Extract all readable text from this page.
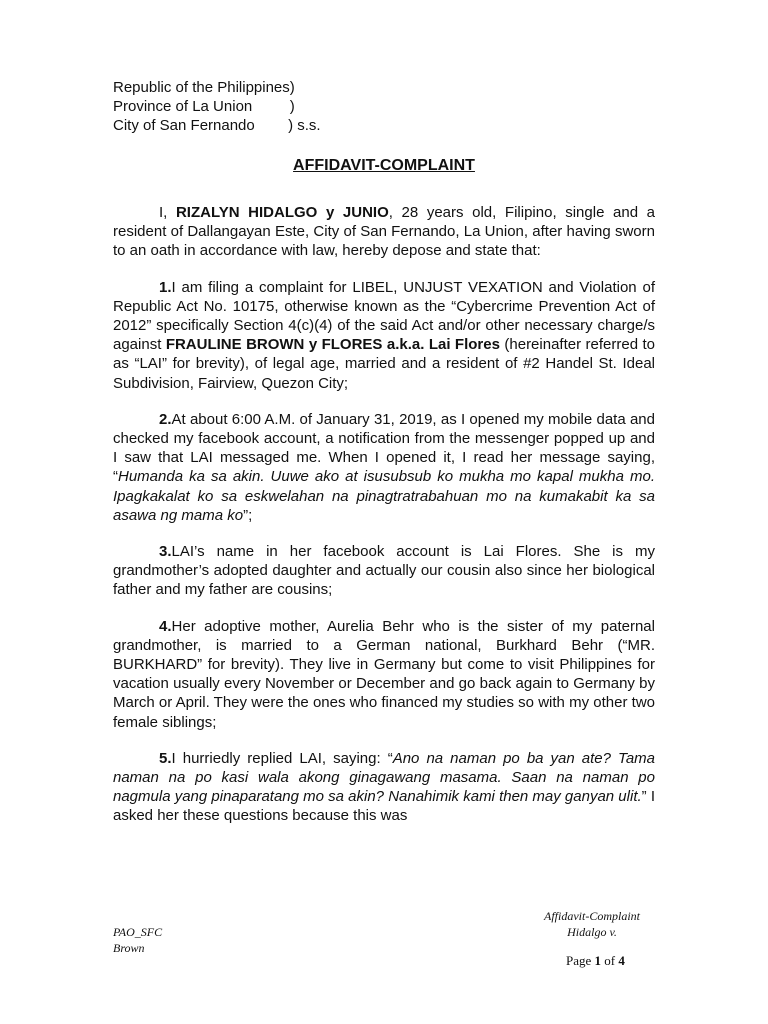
Republic of the Philippines)
Province of La Union         )
City of San Fernando        ) s.s.
AFFIDAVIT-COMPLAINT

I, RIZALYN HIDALGO y JUNIO, 28 years old, Filipino, single and a resident of Dallangayan Este, City of San Fernando, La Union, after having sworn to an oath in accordance with law, hereby depose and state that:

1.I am filing a complaint for LIBEL, UNJUST VEXATION and Violation of Republic Act No. 10175, otherwise known as the “Cybercrime Prevention Act of 2012” specifically Section 4(c)(4) of the said Act and/or other necessary charge/s against FRAULINE BROWN y FLORES a.k.a. Lai Flores (hereinafter referred to as “LAI” for brevity), of legal age, married and a resident of #2 Handel St. Ideal Subdivision, Fairview, Quezon City;

2.At about 6:00 A.M. of January 31, 2019, as I opened my mobile data and checked my facebook account, a notification from the messenger popped up and I saw that LAI messaged me. When I opened it, I read her message saying, “Humanda ka sa akin. Uuwe ako at isusubsub ko mukha mo kapal mukha mo. Ipagkakalat ko sa eskwelahan na pinagtratrabahuan mo na kumakabit ka sa asawa ng mama ko”;

3.LAI’s name in her facebook account is Lai Flores. She is my grandmother’s adopted daughter and actually our cousin also since her biological father and my father are cousins;

4.Her adoptive mother, Aurelia Behr who is the sister of my paternal grandmother, is married to a German national, Burkhard Behr (“MR. BURKHARD” for brevity). They live in Germany but come to visit Philippines for vacation usually every November or December and go back again to Germany by March or April. They were the ones who financed my studies so with my other two female siblings;

5.I hurriedly replied LAI, saying: “Ano na naman po ba yan ate? Tama naman na po kasi wala akong ginagawang masama. Saan na naman po nagmula yang pinaparatang mo sa akin? Nanahimik kami then may ganyan ulit.” I asked her these questions because this was

Affidavit-Complaint
Hidalgo v.
PAO_SFC
Brown
Page 1 of 4
